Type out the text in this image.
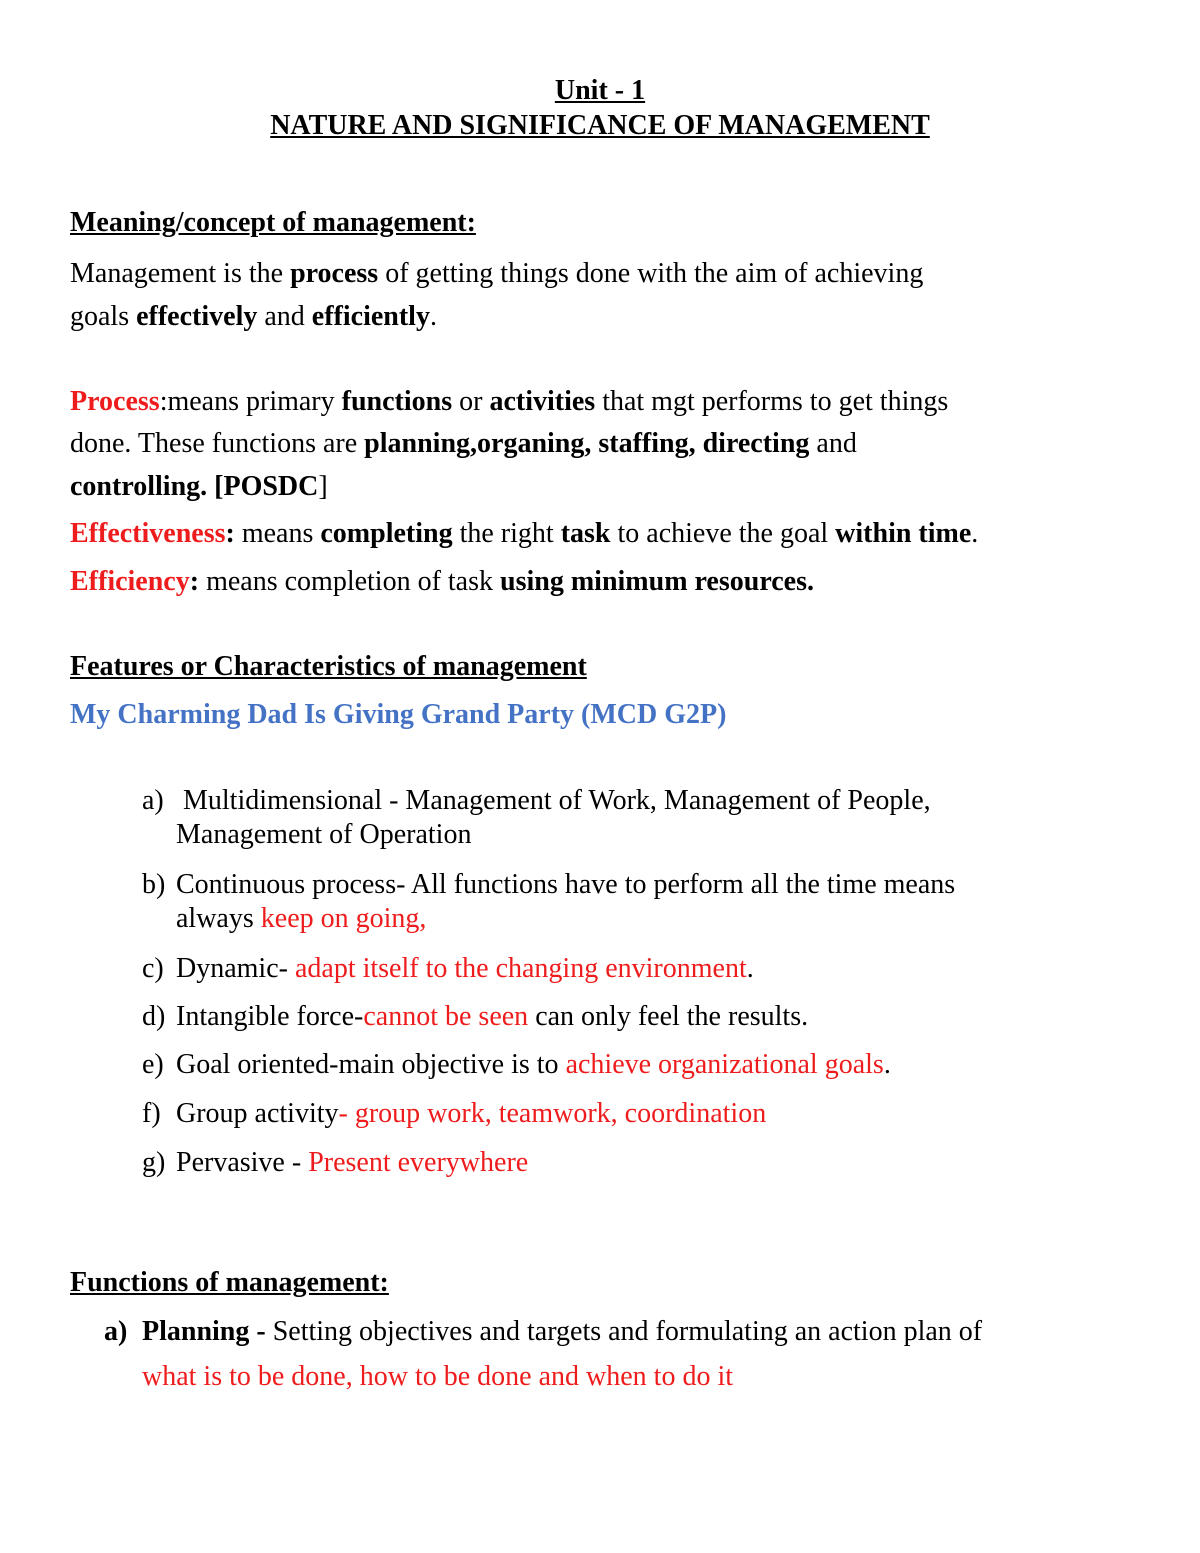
Unit - 1
NATURE AND SIGNIFICANCE OF MANAGEMENT
Meaning/concept of management:
Management is the process of getting things done with the aim of achieving
goals effectively and efficiently.
Process:means primary functions or activities that mgt performs to get things
done. These functions are planning,organing, staffing, directing and
controlling. [POSDC]
Effectiveness: means completing the right task to achieve the goal within time.
Efficiency: means completion of task using minimum resources.
Features or Characteristics of management
My Charming Dad Is Giving Grand Party (MCD G2P)
a) Multidimensional - Management of Work, Management of People,
Management of Operation
b) Continuous process- All functions have to perform all the time means
always keep on going,
c) Dynamic- adapt itself to the changing environment.
d) Intangible force-cannot be seen can only feel the results.
e) Goal oriented-main objective is to achieve organizational goals.
f) Group activity- group work, teamwork, coordination
g) Pervasive - Present everywhere
Functions of management:
a) Planning - Setting objectives and targets and formulating an action plan of
what is to be done, how to be done and when to do it
